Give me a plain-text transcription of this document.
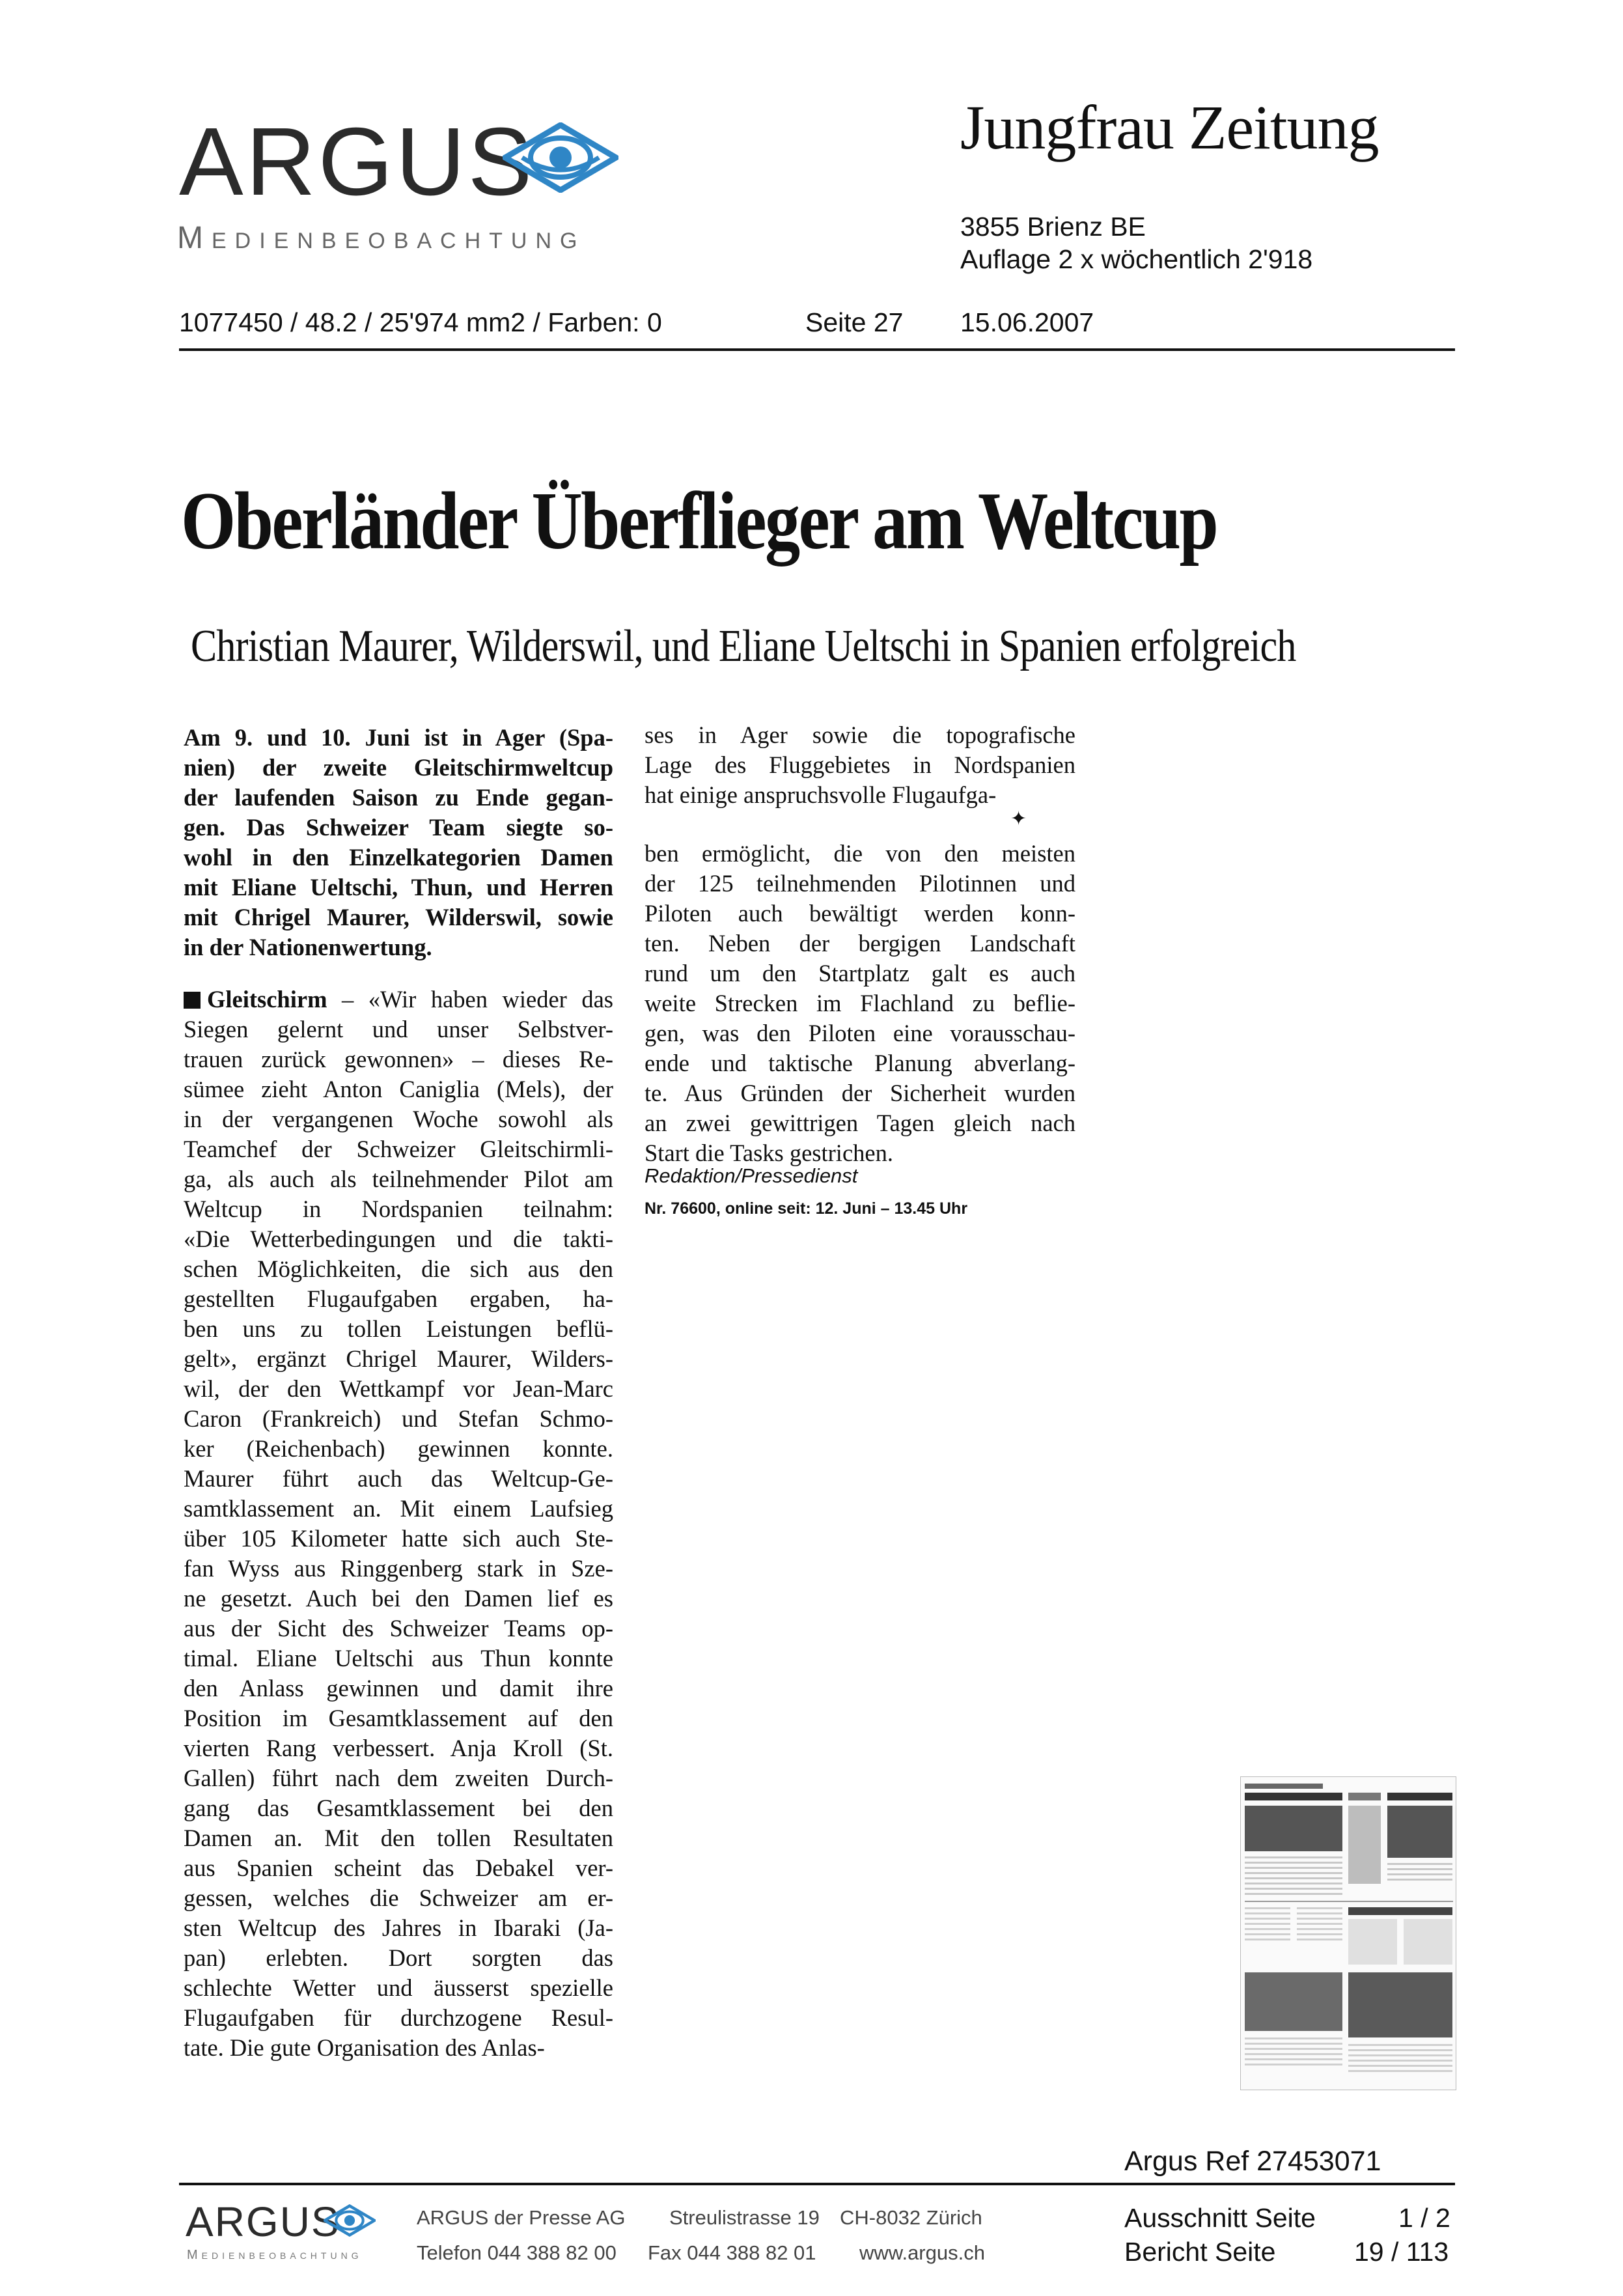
ARGUS
Medienbeobachtung
Jungfrau Zeitung
3855 Brienz BE
Auflage 2 x wöchentlich 2'918
1077450 / 48.2 / 25'974 mm2 / Farben: 0	Seite 27 15.06.2007
Oberländer Überflieger am Weltcup
Christian Maurer, Wilderswil, und Eliane Ueltschi in Spanien erfolgreich
Am 9. und 10. Juni ist in Ager (Spa-
nien) der zweite Gleitschirmweltcup
der laufenden Saison zu Ende gegan-
gen. Das Schweizer Team siegte so-
wohl in den Einzelkategorien Damen
mit Eliane Ueltschi, Thun, und Herren
mit Chrigel Maurer, Wilderswil, sowie
in der Nationenwertung.
Gleitschirm – «Wir haben wieder das
Siegen gelernt und unser Selbstver-
trauen zurück gewonnen» – dieses Re-
sümee zieht Anton Caniglia (Mels), der
in der vergangenen Woche sowohl als
Teamchef der Schweizer Gleitschirmli-
ga, als auch als teilnehmender Pilot am
Weltcup in Nordspanien teilnahm:
«Die Wetterbedingungen und die takti-
schen Möglichkeiten, die sich aus den
gestellten Flugaufgaben ergaben, ha-
ben uns zu tollen Leistungen beflü-
gelt», ergänzt Chrigel Maurer, Wilders-
wil, der den Wettkampf vor Jean-Marc
Caron (Frankreich) und Stefan Schmo-
ker (Reichenbach) gewinnen konnte.
Maurer führt auch das Weltcup-Ge-
samtklassement an. Mit einem Laufsieg
über 105 Kilometer hatte sich auch Ste-
fan Wyss aus Ringgenberg stark in Sze-
ne gesetzt. Auch bei den Damen lief es
aus der Sicht des Schweizer Teams op-
timal. Eliane Ueltschi aus Thun konnte
den Anlass gewinnen und damit ihre
Position im Gesamtklassement auf den
vierten Rang verbessert. Anja Kroll (St.
Gallen) führt nach dem zweiten Durch-
gang das Gesamtklassement bei den
Damen an. Mit den tollen Resultaten
aus Spanien scheint das Debakel ver-
gessen, welches die Schweizer am er-
sten Weltcup des Jahres in Ibaraki (Ja-
pan) erlebten. Dort sorgten das
schlechte Wetter und äusserst spezielle
Flugaufgaben für durchzogene Resul-
tate. Die gute Organisation des Anlas-
ses in Ager sowie die topografische
Lage des Fluggebietes in Nordspanien
hat einige anspruchsvolle Flugaufga-
ben ermöglicht, die von den meisten
der 125 teilnehmenden Pilotinnen und
Piloten auch bewältigt werden konn-
ten. Neben der bergigen Landschaft
rund um den Startplatz galt es auch
weite Strecken im Flachland zu beflie-
gen, was den Piloten eine vorausschau-
ende und taktische Planung abverlang-
te. Aus Gründen der Sicherheit wurden
an zwei gewittrigen Tagen gleich nach
Start die Tasks gestrichen.
✦
Redaktion/Pressedienst
Nr. 76600, online seit: 12. Juni – 13.45 Uhr
Argus Ref 27453071
ARGUS
Medienbeobachtung
ARGUS der Presse AG Streulistrasse 19 CH-8032 Zürich
Telefon 044 388 82 00 Fax 044 388 82 01 www.argus.ch
Ausschnitt Seite	1 / 2
Bericht Seite	19 / 113
